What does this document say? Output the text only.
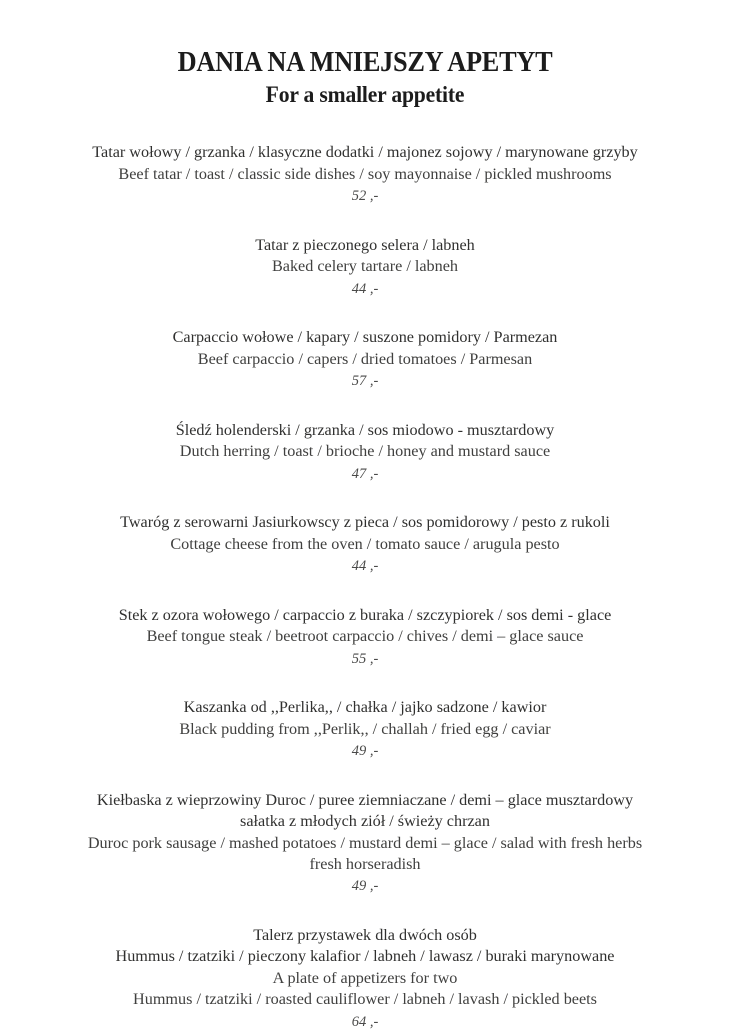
DANIA NA MNIEJSZY APETYT
For a smaller appetite
Tatar wołowy / grzanka / klasyczne dodatki / majonez sojowy / marynowane grzyby
Beef tatar / toast / classic side dishes / soy mayonnaise / pickled mushrooms
52 ,-
Tatar z pieczonego selera / labneh
Baked celery tartare / labneh
44 ,-
Carpaccio wołowe / kapary / suszone pomidory / Parmezan
Beef carpaccio / capers / dried tomatoes / Parmesan
57 ,-
Śledź holenderski / grzanka / sos miodowo - musztardowy
Dutch herring / toast / brioche / honey and mustard sauce
47 ,-
Twaróg z serowarni Jasiurkowscy z pieca / sos pomidorowy / pesto z rukoli
Cottage cheese from the oven / tomato sauce / arugula pesto
44 ,-
Stek z ozora wołowego / carpaccio z buraka / szczypiorek / sos demi - glace
Beef tongue steak / beetroot carpaccio / chives / demi – glace sauce
55 ,-
Kaszanka od ,,Perlika,, / chałka / jajko sadzone / kawior
Black pudding from ,,Perlik,, / challah / fried egg / caviar
49 ,-
Kiełbaska z wieprzowiny Duroc / puree ziemniaczane / demi – glace musztardowy
sałatka z młodych ziół / świeży chrzan
Duroc pork sausage / mashed potatoes / mustard demi – glace / salad with fresh herbs
fresh horseradish
49 ,-
Talerz przystawek dla dwóch osób
Hummus / tzatziki / pieczony kalafior / labneh / lawasz / buraki marynowane
A plate of appetizers for two
Hummus / tzatziki / roasted cauliflower / labneh / lavash / pickled beets
64 ,-
